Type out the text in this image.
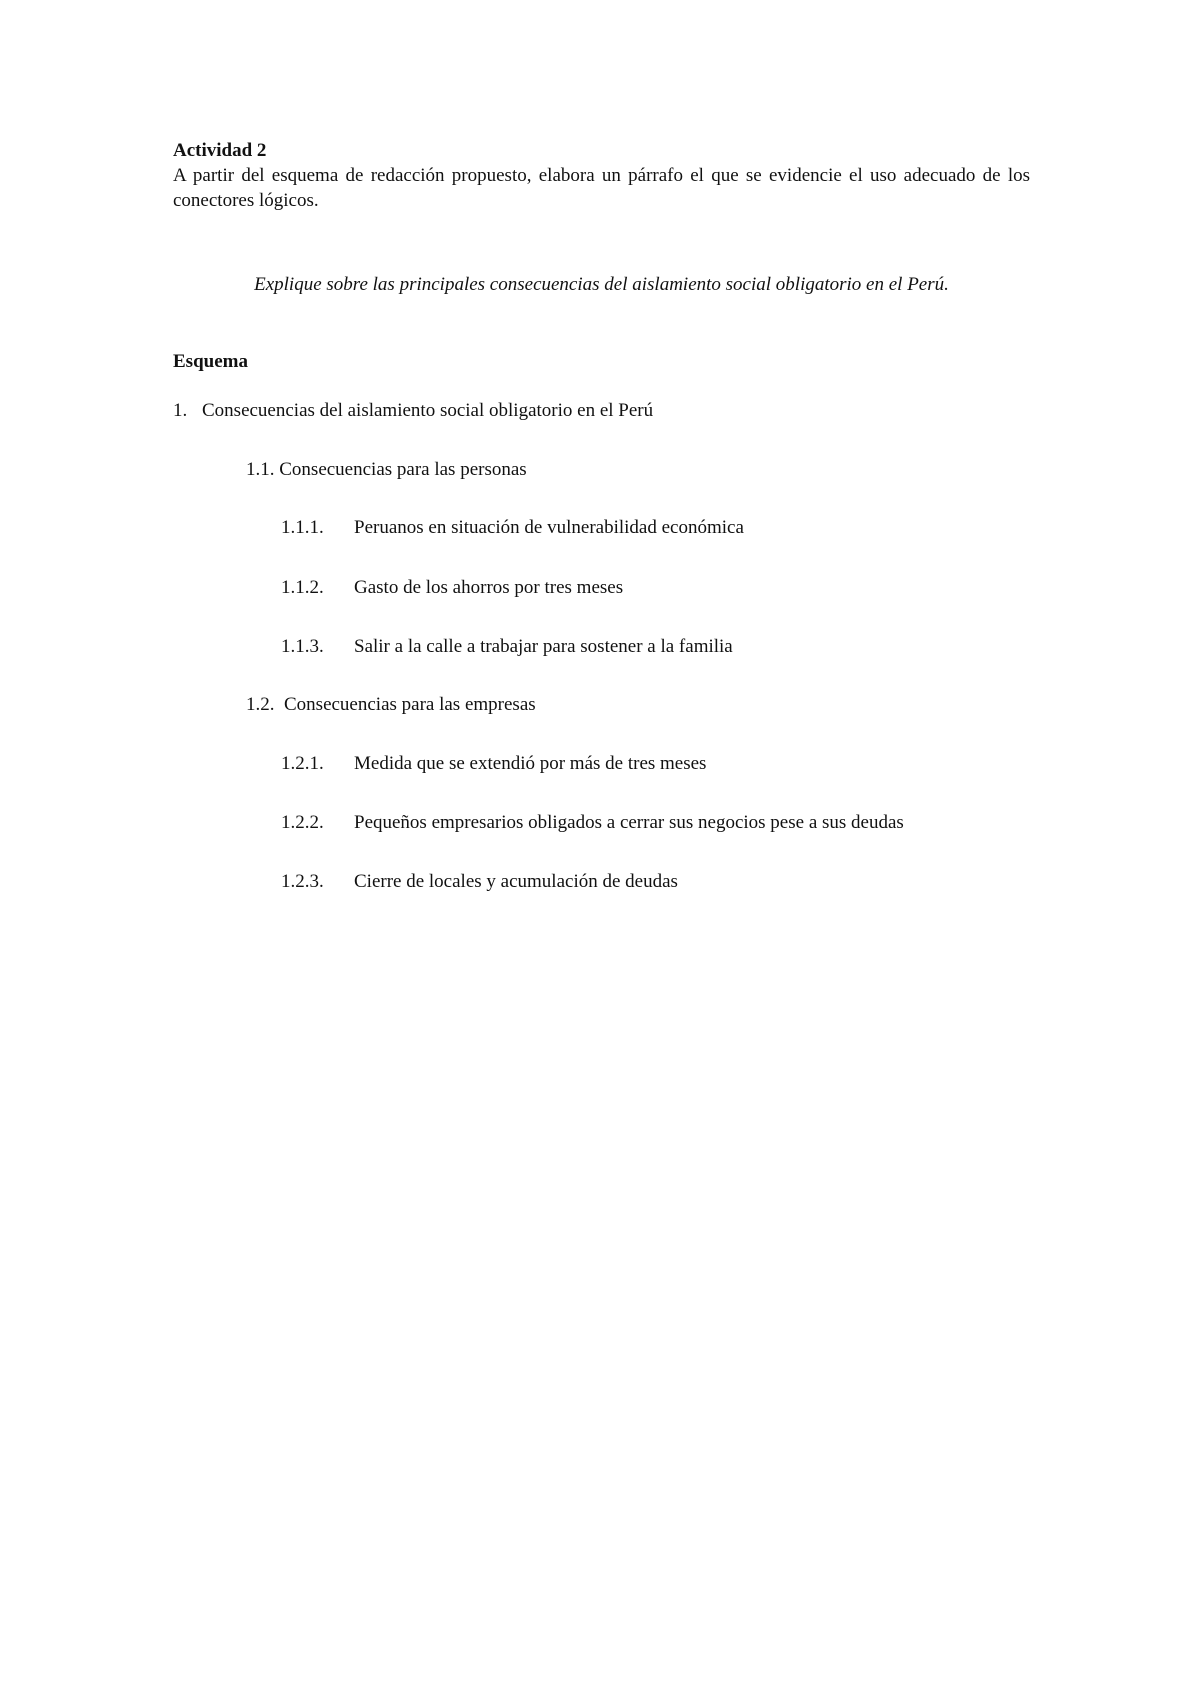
Actividad 2

A partir del esquema de redacción propuesto, elabora un párrafo el que se evidencie el uso adecuado de los conectores lógicos.

Explique sobre las principales consecuencias del aislamiento social obligatorio en el Perú.

Esquema

1. Consecuencias del aislamiento social obligatorio en el Perú
1.1. Consecuencias para las personas
1.1.1. Peruanos en situación de vulnerabilidad económica
1.1.2. Gasto de los ahorros por tres meses
1.1.3. Salir a la calle a trabajar para sostener a la familia
1.2. Consecuencias para las empresas
1.2.1. Medida que se extendió por más de tres meses
1.2.2. Pequeños empresarios obligados a cerrar sus negocios pese a sus deudas
1.2.3. Cierre de locales y acumulación de deudas
